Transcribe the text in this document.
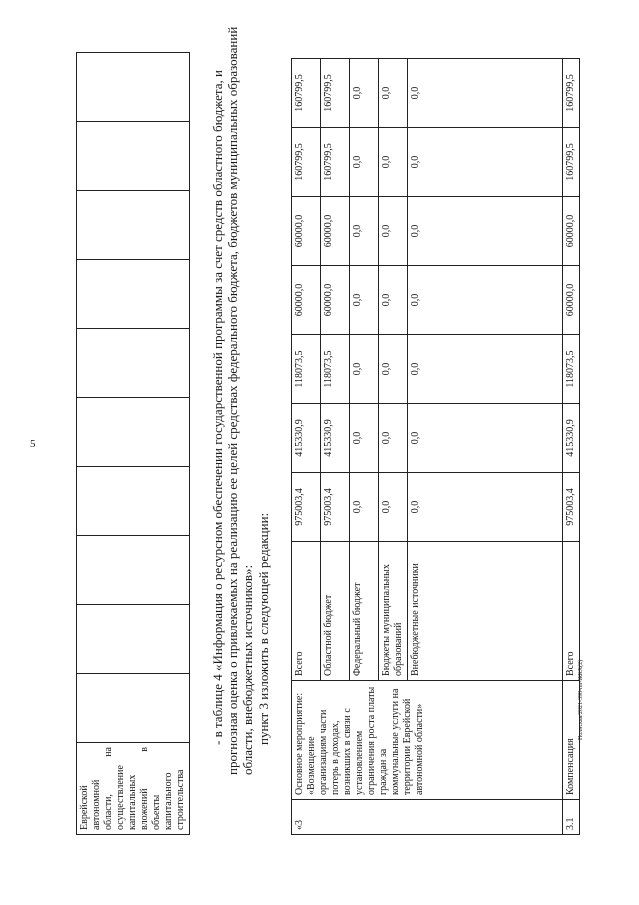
5
Полнская/2021-398-пп-ЖКХ(2)
Еврейской автономной области, на осуществление капитальных вложений в объекты капитального строительства										

- в таблице 4 «Информация о ресурсном обеспечении государственной программы за счет средств областного бюджета, и прогнозная оценка о привлекаемых на реализацию ее целей средствах федерального бюджета, бюджетов муниципальных образований области, внебюджетных источников»: пункт 3 изложить в следующей редакции:

«3	Основное мероприятие: «Возмещение организациям части потерь в доходах, возникших в связи с установлением ограничения роста платы граждан за коммунальные услуги на территории Еврейской автономной области»	Всего	975003,4	415330,9	118073,5	60000,0	60000,0	160799,5	160799,5
		Областной бюджет	975003,4	415330,9	118073,5	60000,0	60000,0	160799,5	160799,5
		Федеральный бюджет	0,0	0,0	0,0	0,0	0,0	0,0	0,0
		Бюджеты муниципальных образований	0,0	0,0	0,0	0,0	0,0	0,0	0,0
		Внебюджетные источники	0,0	0,0	0,0	0,0	0,0	0,0	0,0
3.1	Компенсация	Всего	975003,4	415330,9	118073,5	60000,0	60000,0	160799,5	160799,5
